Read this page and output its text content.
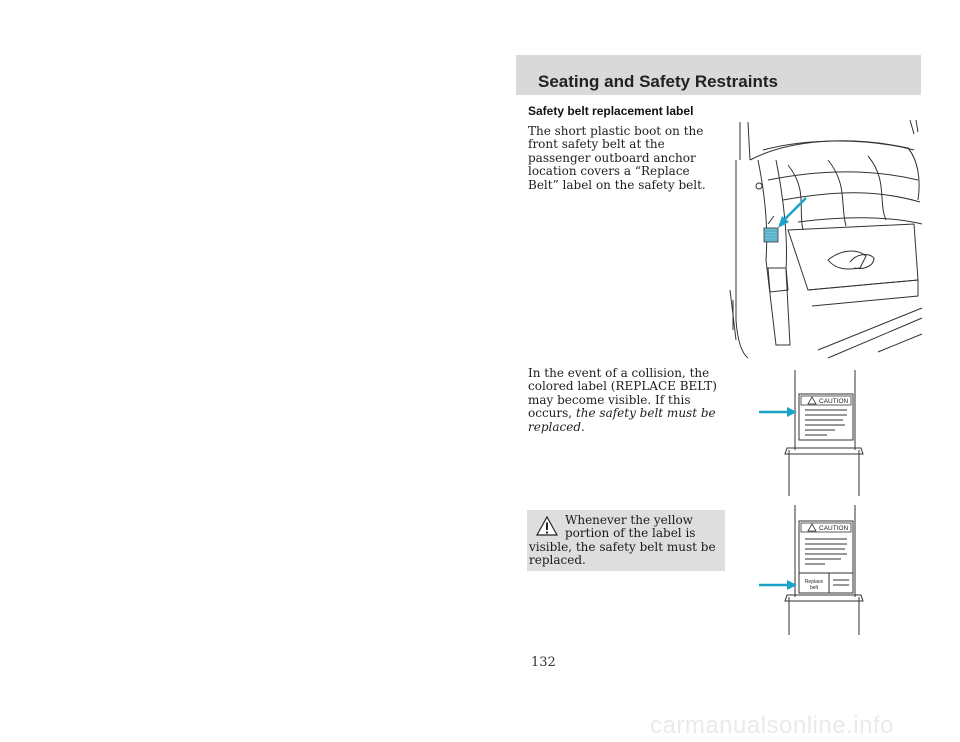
Seating and Safety Restraints
Safety belt replacement label
The short plastic boot on the front safety belt at the passenger outboard anchor location covers a “Replace Belt” label on the safety belt.
In the event of a collision, the colored label (REPLACE BELT) may become visible. If this occurs, the safety belt must be replaced.
Whenever the yellow
portion of the label is
visible, the safety belt must be replaced.
CAUTION
CAUTION
Replace
belt
132
carmanualsonline.info
